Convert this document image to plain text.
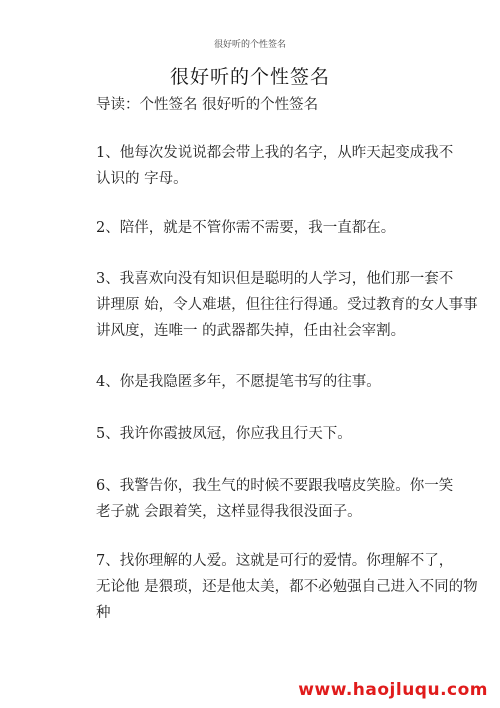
很好听的个性签名
很好听的个性签名
导读：个性签名 很好听的个性签名
1、他每次发说说都会带上我的名字，从昨天起变成我不
认识的 字母。
2、陪伴，就是不管你需不需要，我一直都在。
3、我喜欢向没有知识但是聪明的人学习，他们那一套不
讲理原 始，令人难堪，但往往行得通。受过教育的女人事事
讲风度，连唯一 的武器都失掉，任由社会宰割。
4、你是我隐匿多年，不愿提笔书写的往事。
5、我许你霞披凤冠，你应我且行天下。
6、我警告你，我生气的时候不要跟我嘻皮笑脸。你一笑
老子就 会跟着笑，这样显得我很没面子。
7、找你理解的人爱。这就是可行的爱情。你理解不了，
无论他 是猥琐，还是他太美，都不必勉强自己进入不同的物
种
www.haojluqu.com
